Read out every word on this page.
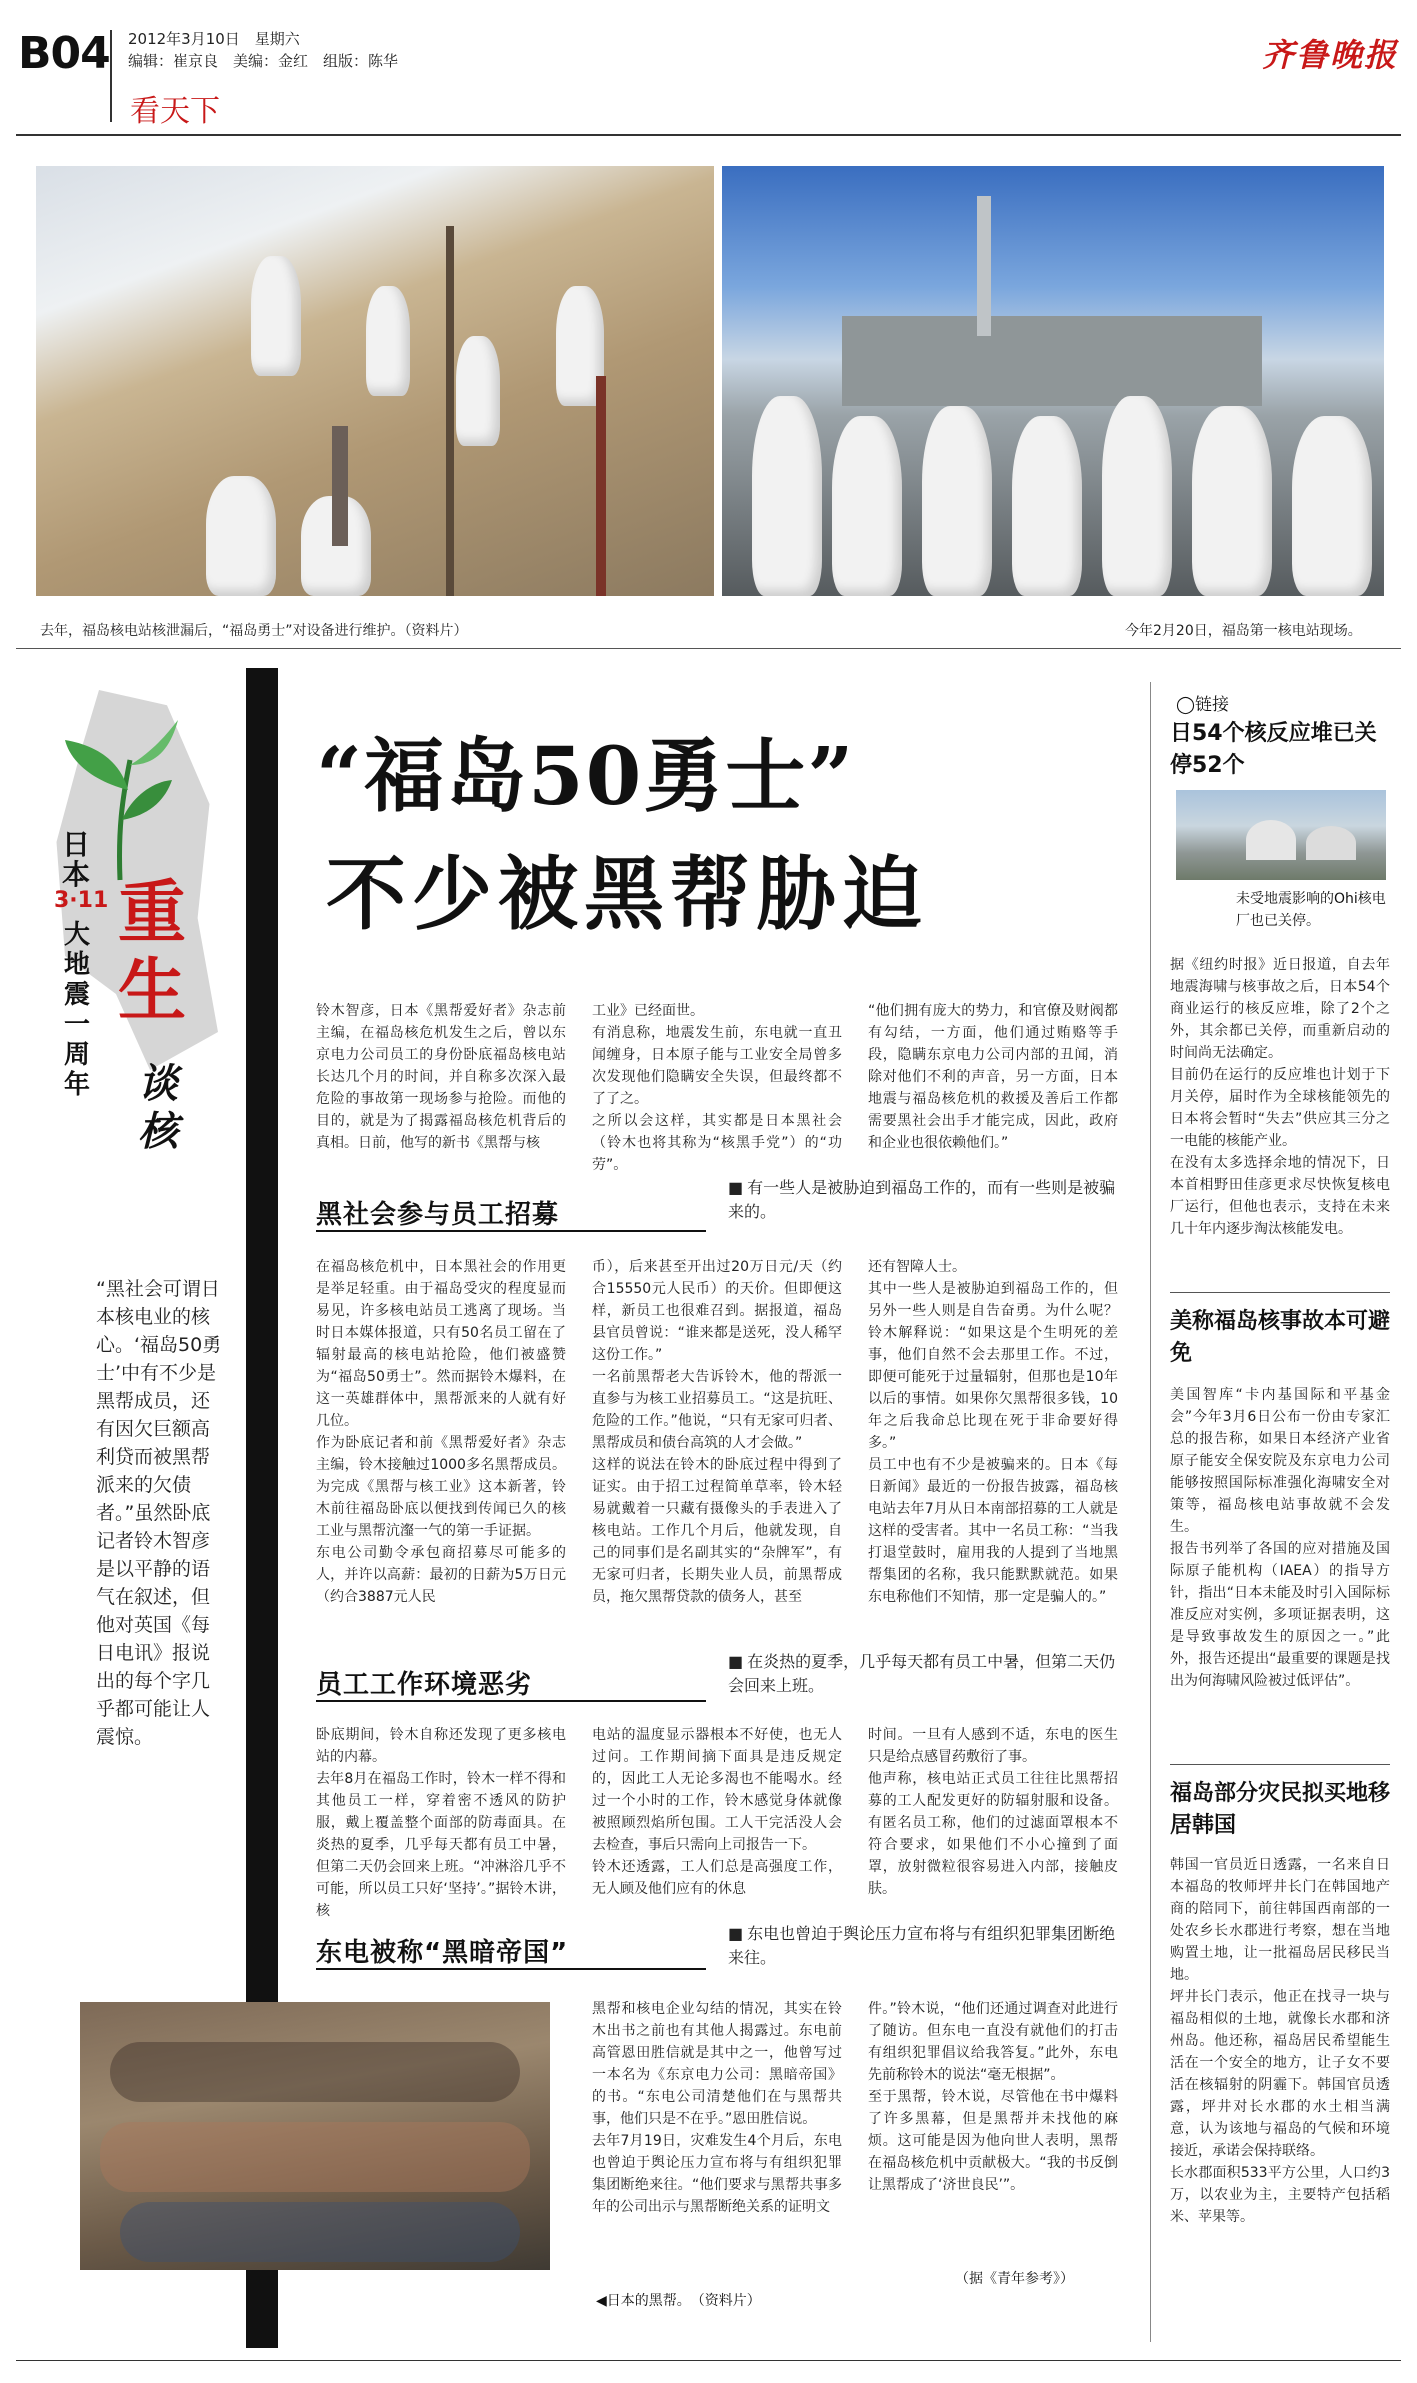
B04 2012年3月10日　星期六
编辑：崔京良　美编：金红　组版：陈华
看天下
齐鲁晚报
去年，福岛核电站核泄漏后，“福岛勇士”对设备进行维护。（资料片）	今年2月20日，福岛第一核电站现场。
日本
3·11
大地震一周年
重生
谈核
“黑社会可谓日本核电业的核心。‘福岛50勇士’中有不少是黑帮成员，还有因欠巨额高利贷而被黑帮派来的欠债者。”虽然卧底记者铃木智彦是以平静的语气在叙述，但他对英国《每日电讯》报说出的每个字几乎都可能让人震惊。
“福岛50勇士”
不少被黑帮胁迫
铃木智彦，日本《黑帮爱好者》杂志前主编，在福岛核危机发生之后，曾以东京电力公司员工的身份卧底福岛核电站长达几个月的时间，并自称多次深入最危险的事故第一现场参与抢险。而他的目的，就是为了揭露福岛核危机背后的真相。日前，他写的新书《黑帮与核
工业》已经面世。
有消息称，地震发生前，东电就一直丑闻缠身，日本原子能与工业安全局曾多次发现他们隐瞒安全失误，但最终都不了了之。
之所以会这样，其实都是日本黑社会（铃木也将其称为“核黑手党”）的“功劳”。
“他们拥有庞大的势力，和官僚及财阀都有勾结，一方面，他们通过贿赂等手段，隐瞒东京电力公司内部的丑闻，消除对他们不利的声音，另一方面，日本地震与福岛核危机的救援及善后工作都需要黑社会出手才能完成，因此，政府和企业也很依赖他们。”
黑社会参与员工招募
■ 有一些人是被胁迫到福岛工作的，而有一些则是被骗来的。
在福岛核危机中，日本黑社会的作用更是举足轻重。由于福岛受灾的程度显而易见，许多核电站员工逃离了现场。当时日本媒体报道，只有50名员工留在了辐射最高的核电站抢险，他们被盛赞为“福岛50勇士”。然而据铃木爆料，在这一英雄群体中，黑帮派来的人就有好几位。
作为卧底记者和前《黑帮爱好者》杂志主编，铃木接触过1000多名黑帮成员。为完成《黑帮与核工业》这本新著，铃木前往福岛卧底以便找到传闻已久的核工业与黑帮沆瀣一气的第一手证据。
东电公司勤令承包商招募尽可能多的人，并许以高薪：最初的日薪为5万日元（约合3887元人民
币），后来甚至开出过20万日元/天（约合15550元人民币）的天价。但即便这样，新员工也很难召到。据报道，福岛县官员曾说：“谁来都是送死，没人稀罕这份工作。”
一名前黑帮老大告诉铃木，他的帮派一直参与为核工业招募员工。“这是抗旺、危险的工作。”他说，“只有无家可归者、黑帮成员和债台高筑的人才会做。”
这样的说法在铃木的卧底过程中得到了证实。由于招工过程简单草率，铃木轻易就戴着一只藏有摄像头的手表进入了核电站。工作几个月后，他就发现，自己的同事们是名副其实的“杂牌军”，有无家可归者，长期失业人员，前黑帮成员，拖欠黑帮贷款的债务人，甚至
还有智障人士。
其中一些人是被胁迫到福岛工作的，但另外一些人则是自告奋勇。为什么呢？铃木解释说：“如果这是个生明死的差事，他们自然不会去那里工作。不过，即便可能死于过量辐射，但那也是10年以后的事情。如果你欠黑帮很多钱，10年之后我命总比现在死于非命要好得多。”
员工中也有不少是被骗来的。日本《每日新闻》最近的一份报告披露，福岛核电站去年7月从日本南部招募的工人就是这样的受害者。其中一名员工称：“当我打退堂鼓时，雇用我的人提到了当地黑帮集团的名称，我只能默默就范。如果东电称他们不知情，那一定是骗人的。”
员工工作环境恶劣
■ 在炎热的夏季，几乎每天都有员工中暑，但第二天仍会回来上班。
卧底期间，铃木自称还发现了更多核电站的内幕。
去年8月在福岛工作时，铃木一样不得和其他员工一样，穿着密不透风的防护服，戴上覆盖整个面部的防毒面具。在炎热的夏季，几乎每天都有员工中暑，但第二天仍会回来上班。“冲淋浴几乎不可能，所以员工只好‘坚持’。”据铃木讲，核
电站的温度显示器根本不好使，也无人过问。工作期间摘下面具是违反规定的，因此工人无论多渴也不能喝水。经过一个小时的工作，铃木感觉身体就像被照顾烈焰所包围。工人干完活没人会去检查，事后只需向上司报告一下。
铃木还透露，工人们总是高强度工作，无人顾及他们应有的休息
时间。一旦有人感到不适，东电的医生只是给点感冒药敷衍了事。
他声称，核电站正式员工往往比黑帮招募的工人配发更好的防辐射服和设备。有匿名员工称，他们的过滤面罩根本不符合要求，如果他们不小心撞到了面罩，放射微粒很容易进入内部，接触皮肤。
东电被称“黑暗帝国”
■ 东电也曾迫于舆论压力宣布将与有组织犯罪集团断绝来往。
黑帮和核电企业勾结的情况，其实在铃木出书之前也有其他人揭露过。东电前高管恩田胜信就是其中之一，他曾写过一本名为《东京电力公司：黑暗帝国》的书。“东电公司清楚他们在与黑帮共事，他们只是不在乎。”恩田胜信说。
去年7月19日，灾难发生4个月后，东电也曾迫于舆论压力宣布将与有组织犯罪集团断绝来往。“他们要求与黑帮共事多年的公司出示与黑帮断绝关系的证明文
件。”铃木说，“他们还通过调查对此进行了随访。但东电一直没有就他们的打击有组织犯罪倡议给我答复。”此外，东电先前称铃木的说法“毫无根据”。
至于黑帮，铃木说，尽管他在书中爆料了许多黑幕，但是黑帮并未找他的麻烦。这可能是因为他向世人表明，黑帮在福岛核危机中贡献极大。“我的书反倒让黑帮成了‘济世良民’”。
（据《青年参考》）
◀日本的黑帮。　（资料片）
◯链接
日54个核反应堆已关停52个
未受地震影响的Ohi核电厂也已关停。
据《纽约时报》近日报道，自去年地震海啸与核事故之后，日本54个商业运行的核反应堆，除了2个之外，其余都已关停，而重新启动的时间尚无法确定。
目前仍在运行的反应堆也计划于下月关停，届时作为全球核能领先的日本将会暂时“失去”供应其三分之一电能的核能产业。
在没有太多选择余地的情况下，日本首相野田佳彦更求尽快恢复核电厂运行，但他也表示，支持在未来几十年内逐步淘汰核能发电。
美称福岛核事故本可避免
美国智库“卡内基国际和平基金会”今年3月6日公布一份由专家汇总的报告称，如果日本经济产业省原子能安全保安院及东京电力公司能够按照国际标准强化海啸安全对策等，福岛核电站事故就不会发生。
报告书列举了各国的应对措施及国际原子能机构（IAEA）的指导方针，指出“日本未能及时引入国际标准反应对实例，多项证据表明，这是导致事故发生的原因之一。”此外，报告还提出“最重要的课题是找出为何海啸风险被过低评估”。
福岛部分灾民拟买地移居韩国
韩国一官员近日透露，一名来自日本福岛的牧师坪井长门在韩国地产商的陪同下，前往韩国西南部的一处农乡长水郡进行考察，想在当地购置土地，让一批福岛居民移民当地。
坪井长门表示，他正在找寻一块与福岛相似的土地，就像长水郡和济州岛。他还称，福岛居民希望能生活在一个安全的地方，让子女不要活在核辐射的阴霾下。韩国官员透露，坪井对长水郡的水土相当满意，认为该地与福岛的气候和环境接近，承诺会保持联络。
长水郡面积533平方公里，人口约3万，以农业为主，主要特产包括稻米、苹果等。
